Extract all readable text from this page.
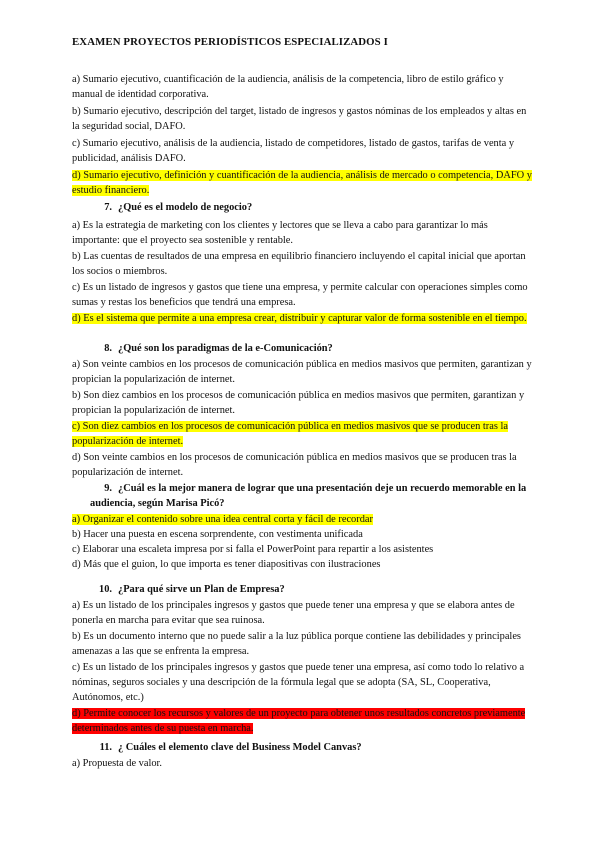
EXAMEN PROYECTOS PERIODÍSTICOS ESPECIALIZADOS I

a) Sumario ejecutivo, cuantificación de la audiencia, análisis de la competencia, libro de estilo gráfico y manual de identidad corporativa.

b) Sumario ejecutivo, descripción del target, listado de ingresos y gastos nóminas de los empleados y altas en la seguridad social, DAFO.

c) Sumario ejecutivo, análisis de la audiencia, listado de competidores, listado de gastos, tarifas de venta y publicidad, análisis DAFO.

d) Sumario ejecutivo, definición y cuantificación de la audiencia, análisis de mercado o competencia, DAFO y estudio financiero.

7. ¿Qué es el modelo de negocio?

a) Es la estrategia de marketing con los clientes y lectores que se lleva a cabo para garantizar lo más importante: que el proyecto sea sostenible y rentable.

b) Las cuentas de resultados de una empresa en equilibrio financiero incluyendo el capital inicial que aportan los socios o miembros.

c) Es un listado de ingresos y gastos que tiene una empresa, y permite calcular con operaciones simples como sumas y restas los beneficios que tendrá una empresa.

d) Es el sistema que permite a una empresa crear, distribuir y capturar valor de forma sostenible en el tiempo.

8. ¿Qué son los paradigmas de la e-Comunicación?

a) Son veinte cambios en los procesos de comunicación pública en medios masivos que permiten, garantizan y propician la popularización de internet.

b) Son diez cambios en los procesos de comunicación pública en medios masivos que permiten, garantizan y propician la popularización de internet.

c) Son diez cambios en los procesos de comunicación pública en medios masivos que se producen tras la popularización de internet.

d) Son veinte cambios en los procesos de comunicación pública en medios masivos que se producen tras la popularización de internet.

9. ¿Cuál es la mejor manera de lograr que una presentación deje un recuerdo memorable en la audiencia, según Marisa Picó?

a) Organizar el contenido sobre una idea central corta y fácil de recordar

b) Hacer una puesta en escena sorprendente, con vestimenta unificada

c) Elaborar una escaleta impresa por si falla el PowerPoint para repartir a los asistentes

d) Más que el guion, lo que importa es tener diapositivas con ilustraciones

10. ¿Para qué sirve un Plan de Empresa?

a) Es un listado de los principales ingresos y gastos que puede tener una empresa y que se elabora antes de ponerla en marcha para evitar que sea ruinosa.

b) Es un documento interno que no puede salir a la luz pública porque contiene las debilidades y principales amenazas a las que se enfrenta la empresa.

c) Es un listado de los principales ingresos y gastos que puede tener una empresa, así como todo lo relativo a nóminas, seguros sociales y una descripción de la fórmula legal que se adopta (SA, SL, Cooperativa, Autónomos, etc.)

d) Permite conocer los recursos y valores de un proyecto para obtener unos resultados concretos previamente determinados antes de su puesta en marcha.

11. ¿ Cuáles el elemento clave del Business Model Canvas?

a) Propuesta de valor.
